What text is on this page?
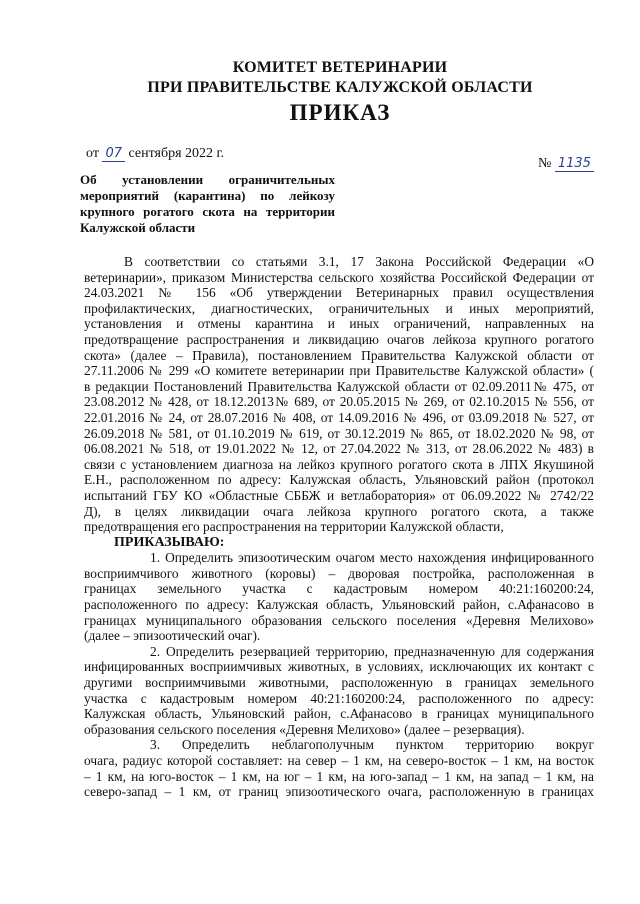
КОМИТЕТ ВЕТЕРИНАРИИ
ПРИ ПРАВИТЕЛЬСТВЕ КАЛУЖСКОЙ ОБЛАСТИ
ПРИКАЗ
от 07 сентября 2022 г.
№ 1135
Об установлении ограничительных
мероприятий (карантина) по лейкозу
крупного рогатого скота на территории
Калужской области
В соответствии со статьями 3.1, 17 Закона Российской Федерации «О
ветеринарии», приказом Министерства сельского хозяйства Российской Федерации от
24.03.2021 № 156 «Об утверждении Ветеринарных правил осуществления
профилактических, диагностических, ограничительных и иных мероприятий,
установления и отмены карантина и иных ограничений, направленных на
предотвращение распространения и ликвидацию очагов лейкоза крупного рогатого
скота» (далее – Правила), постановлением Правительства Калужской области от
27.11.2006 № 299 «О комитете ветеринарии при Правительстве Калужской области» (
в редакции Постановлений Правительства Калужской области от 02.09.2011№ 475, от
23.08.2012 № 428, от 18.12.2013№ 689, от 20.05.2015 № 269, от 02.10.2015 № 556, от
22.01.2016 № 24, от 28.07.2016 № 408, от 14.09.2016 № 496, от 03.09.2018 № 527, от
26.09.2018 № 581, от 01.10.2019 № 619, от 30.12.2019 № 865, от 18.02.2020 № 98, от
06.08.2021 № 518, от 19.01.2022 № 12, от 27.04.2022 № 313, от 28.06.2022 № 483) в
связи с установлением диагноза на лейкоз крупного рогатого скота в ЛПХ Якушиной
Е.Н., расположенном по адресу: Калужская область, Ульяновский район (протокол
испытаний ГБУ КО «Областные СББЖ и ветлаборатория» от 06.09.2022 № 2742/22
Д), в целях ликвидации очага лейкоза крупного рогатого скота, а также
предотвращения его распространения на территории Калужской области,
ПРИКАЗЫВАЮ:
1. Определить эпизоотическим очагом место нахождения инфицированного
восприимчивого животного (коровы) – дворовая постройка, расположенная в
границах земельного участка с кадастровым номером 40:21:160200:24,
расположенного по адресу: Калужская область, Ульяновский район, с.Афанасово в
границах муниципального образования сельского поселения «Деревня Мелихово»
(далее – эпизоотический очаг).
2. Определить резервацией территорию, предназначенную для содержания
инфицированных восприимчивых животных, в условиях, исключающих их контакт с
другими восприимчивыми животными, расположенную в границах земельного
участка с кадастровым номером 40:21:160200:24, расположенного по адресу:
Калужская область, Ульяновский район, с.Афанасово в границах муниципального
образования сельского поселения «Деревня Мелихово» (далее – резервация).
3. Определить неблагополучным пунктом территорию вокруг
очага, радиус которой составляет: на север – 1 км, на северо-восток – 1 км, на восток
– 1 км, на юго-восток – 1 км, на юг – 1 км, на юго-запад – 1 км, на запад – 1 км, на
северо-запад – 1 км, от границ эпизоотического очага, расположенную в границах
